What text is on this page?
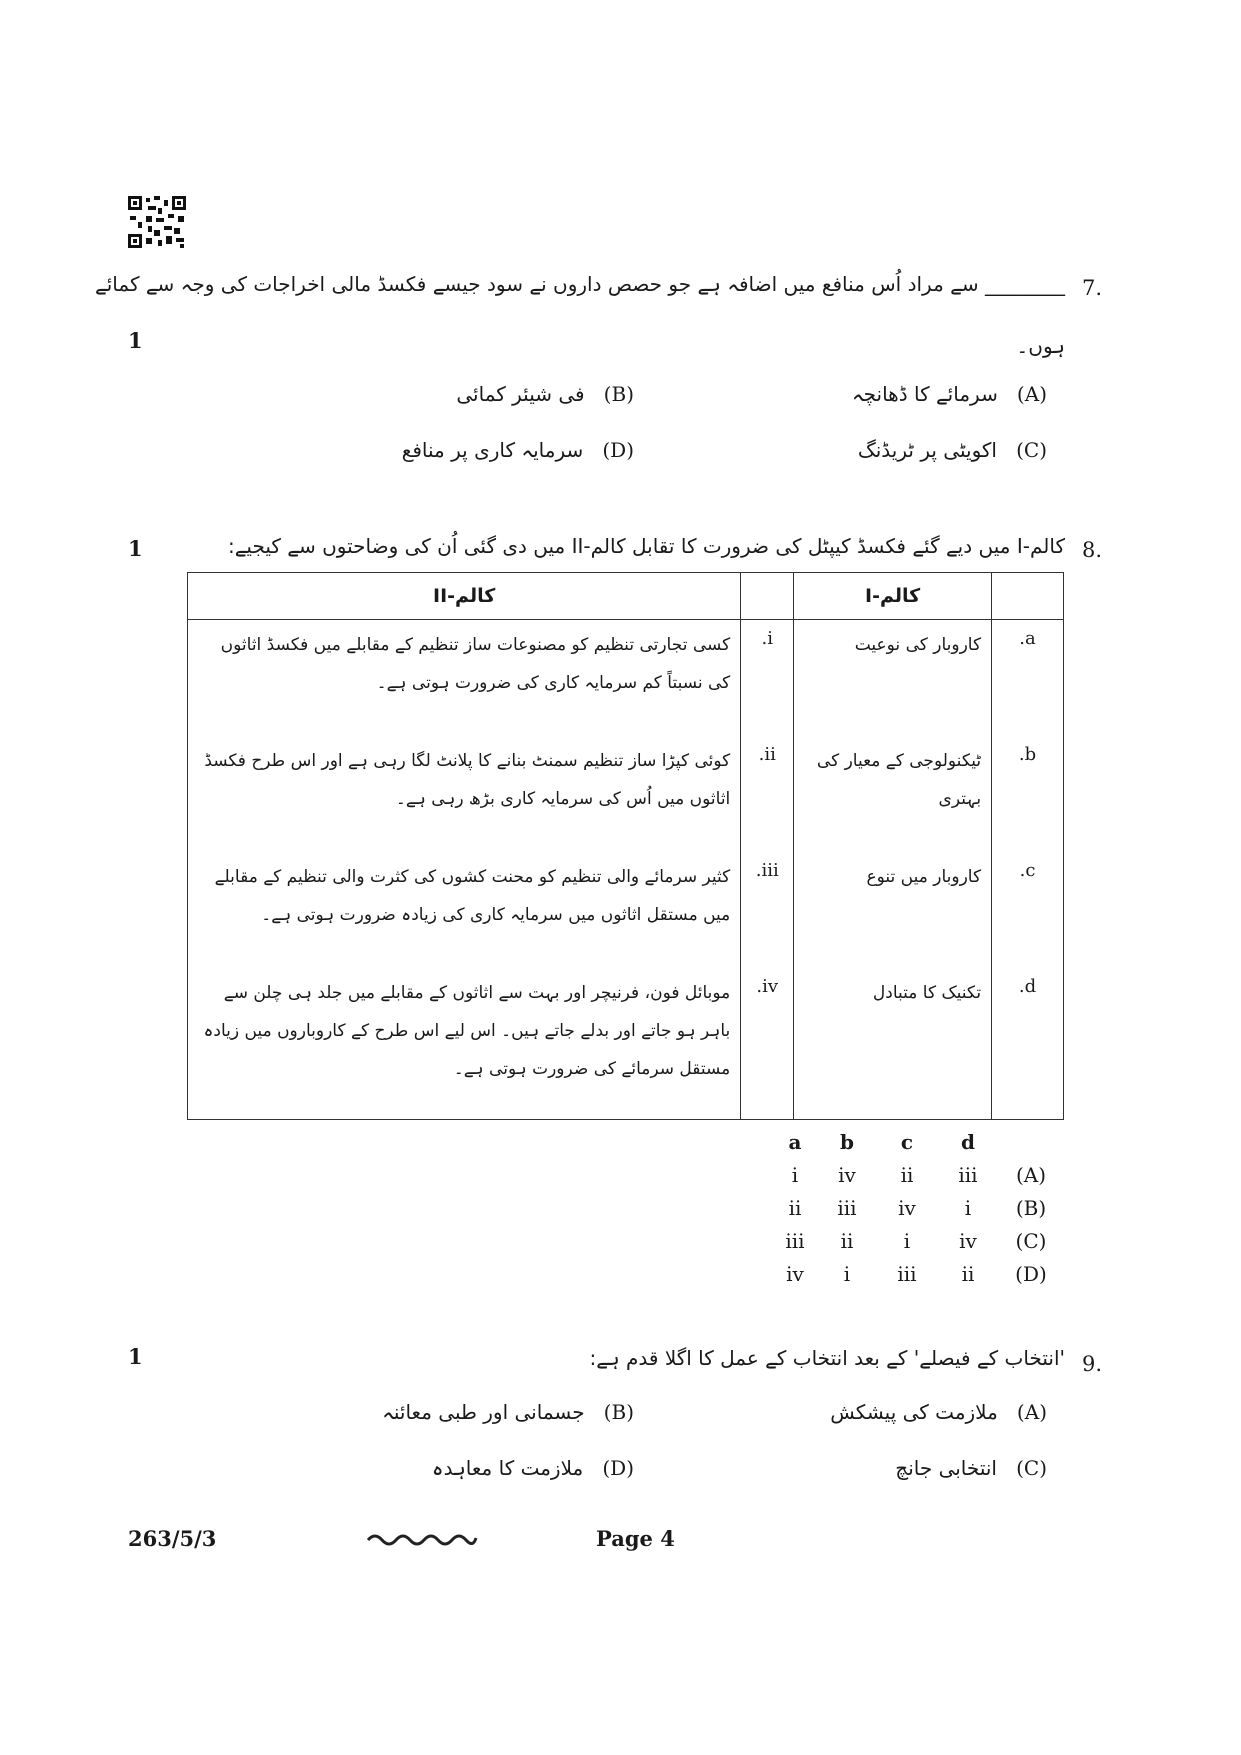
7.
________ سے مراد اُس منافع میں اضافہ ہے جو حصص داروں نے سود جیسے فکسڈ مالی اخراجات کی وجہ سے کمائے
ہوں۔
1
(A)   سرمائے کا ڈھانچہ
(B)   فی شیئر کمائی
(C)   اکویٹی پر ٹریڈنگ
(D)   سرمایہ کاری پر منافع
8.
کالم-I میں دیے گئے فکسڈ کیپٹل کی ضرورت کا تقابل کالم-II میں دی گئی اُن کی وضاحتوں سے کیجیے:
1
کالم-II		کالم-I	
کسی تجارتی تنظیم کو مصنوعات ساز تنظیم کے مقابلے میں فکسڈ اثاثوں کی نسبتاً کم سرمایہ کاری کی ضرورت ہوتی ہے۔	.i	کاروبار کی نوعیت	.a
کوئی کپڑا ساز تنظیم سمنٹ بنانے کا پلانٹ لگا رہی ہے اور اس طرح فکسڈ اثاثوں میں اُس کی سرمایہ کاری بڑھ رہی ہے۔	.ii	ٹیکنولوجی کے معیار کی بہتری	.b
کثیر سرمائے والی تنظیم کو محنت کشوں کی کثرت والی تنظیم کے مقابلے میں مستقل اثاثوں میں سرمایہ کاری کی زیادہ ضرورت ہوتی ہے۔	.iii	کاروبار میں تنوع	.c
موبائل فون، فرنیچر اور بہت سے اثاثوں کے مقابلے میں جلد ہی چلن سے باہر ہو جاتے اور بدلے جاتے ہیں۔ اس لیے اس طرح کے کاروباروں میں زیادہ مستقل سرمائے کی ضرورت ہوتی ہے۔	.iv	تکنیک کا متبادل	.d
a	b	c	d	
i	iv	ii	iii	(A)
ii	iii	iv	i	(B)
iii	ii	i	iv	(C)
iv	i	iii	ii	(D)
9.
'انتخاب کے فیصلے' کے بعد انتخاب کے عمل کا اگلا قدم ہے:
1
(A)   ملازمت کی پیشکش
(B)   جسمانی اور طبی معائنہ
(C)   انتخابی جانچ
(D)   ملازمت کا معاہدہ
263/5/3	Page 4
